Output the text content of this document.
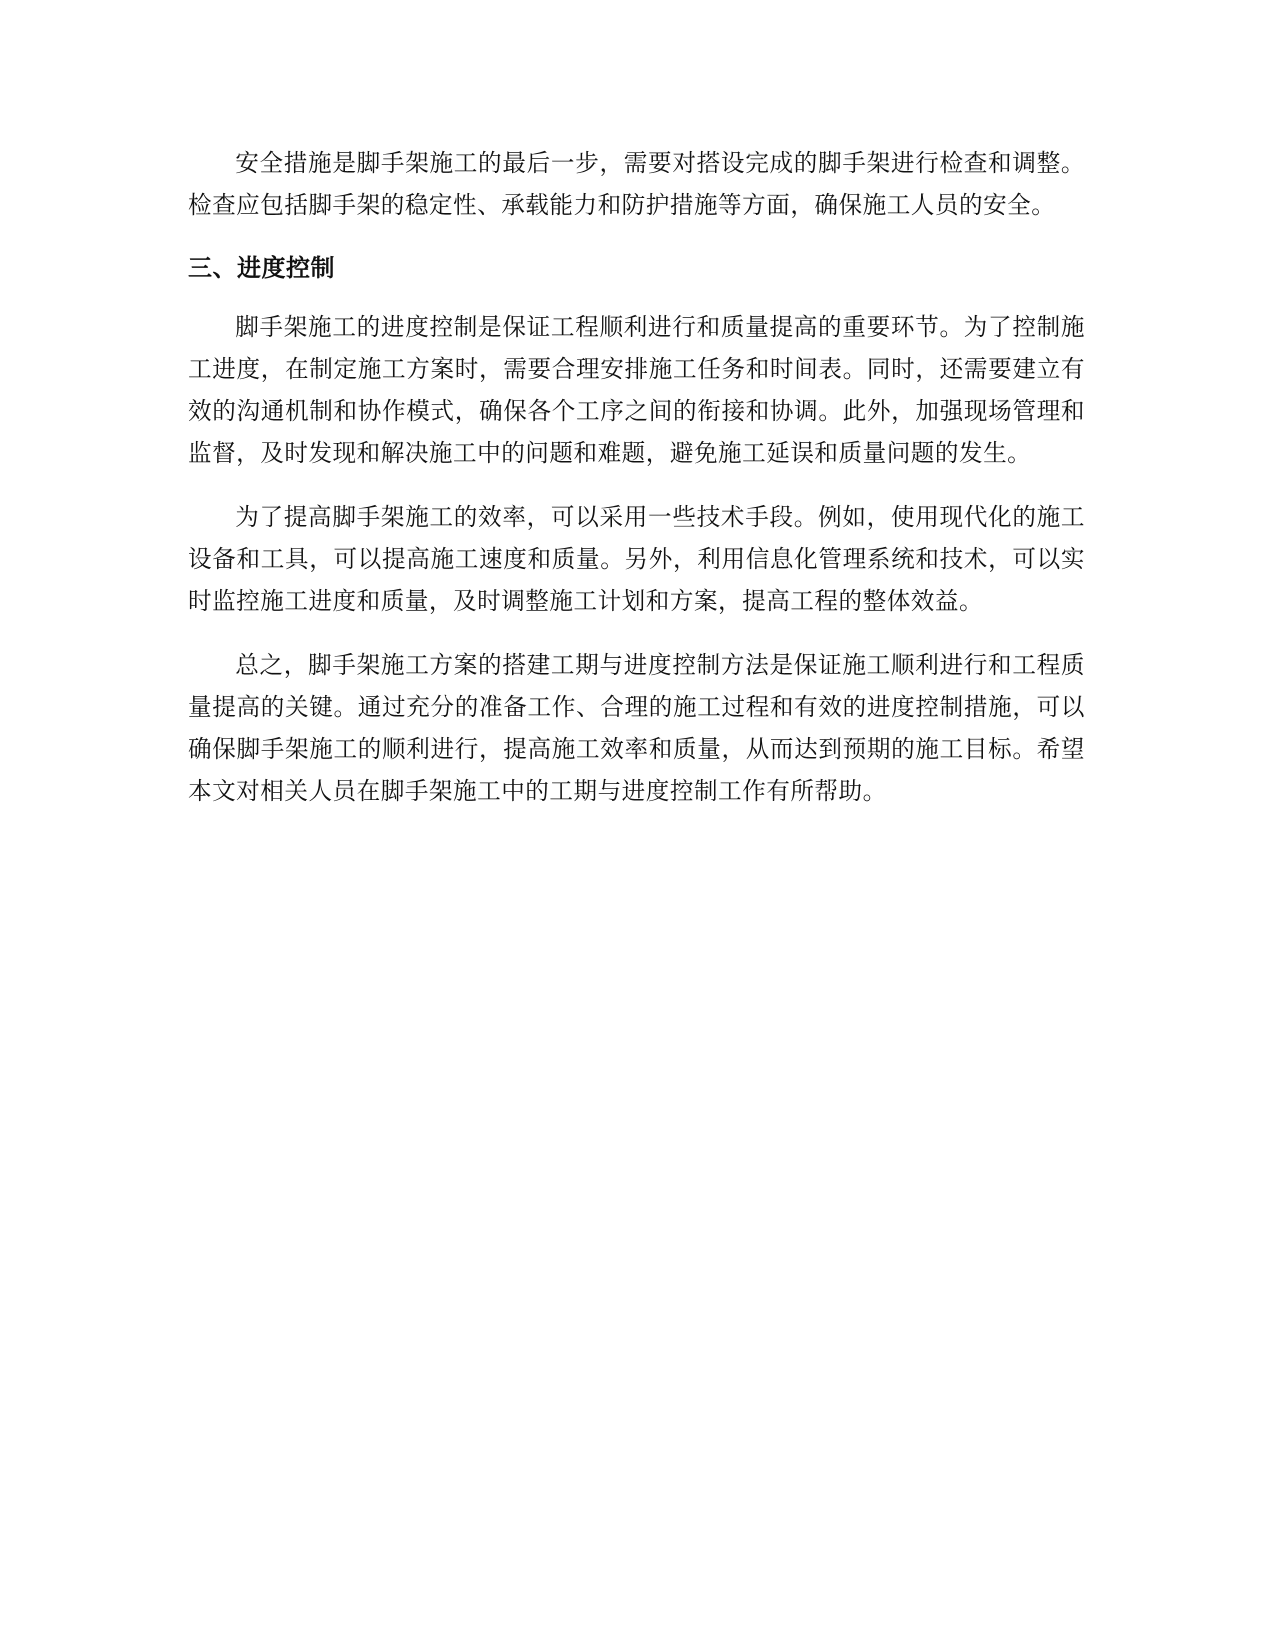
安全措施是脚手架施工的最后一步，需要对搭设完成的脚手架进行检查和调整。检查应包括脚手架的稳定性、承载能力和防护措施等方面，确保施工人员的安全。

三、进度控制

脚手架施工的进度控制是保证工程顺利进行和质量提高的重要环节。为了控制施工进度，在制定施工方案时，需要合理安排施工任务和时间表。同时，还需要建立有效的沟通机制和协作模式，确保各个工序之间的衔接和协调。此外，加强现场管理和监督，及时发现和解决施工中的问题和难题，避免施工延误和质量问题的发生。

为了提高脚手架施工的效率，可以采用一些技术手段。例如，使用现代化的施工设备和工具，可以提高施工速度和质量。另外，利用信息化管理系统和技术，可以实时监控施工进度和质量，及时调整施工计划和方案，提高工程的整体效益。

总之，脚手架施工方案的搭建工期与进度控制方法是保证施工顺利进行和工程质量提高的关键。通过充分的准备工作、合理的施工过程和有效的进度控制措施，可以确保脚手架施工的顺利进行，提高施工效率和质量，从而达到预期的施工目标。希望本文对相关人员在脚手架施工中的工期与进度控制工作有所帮助。
